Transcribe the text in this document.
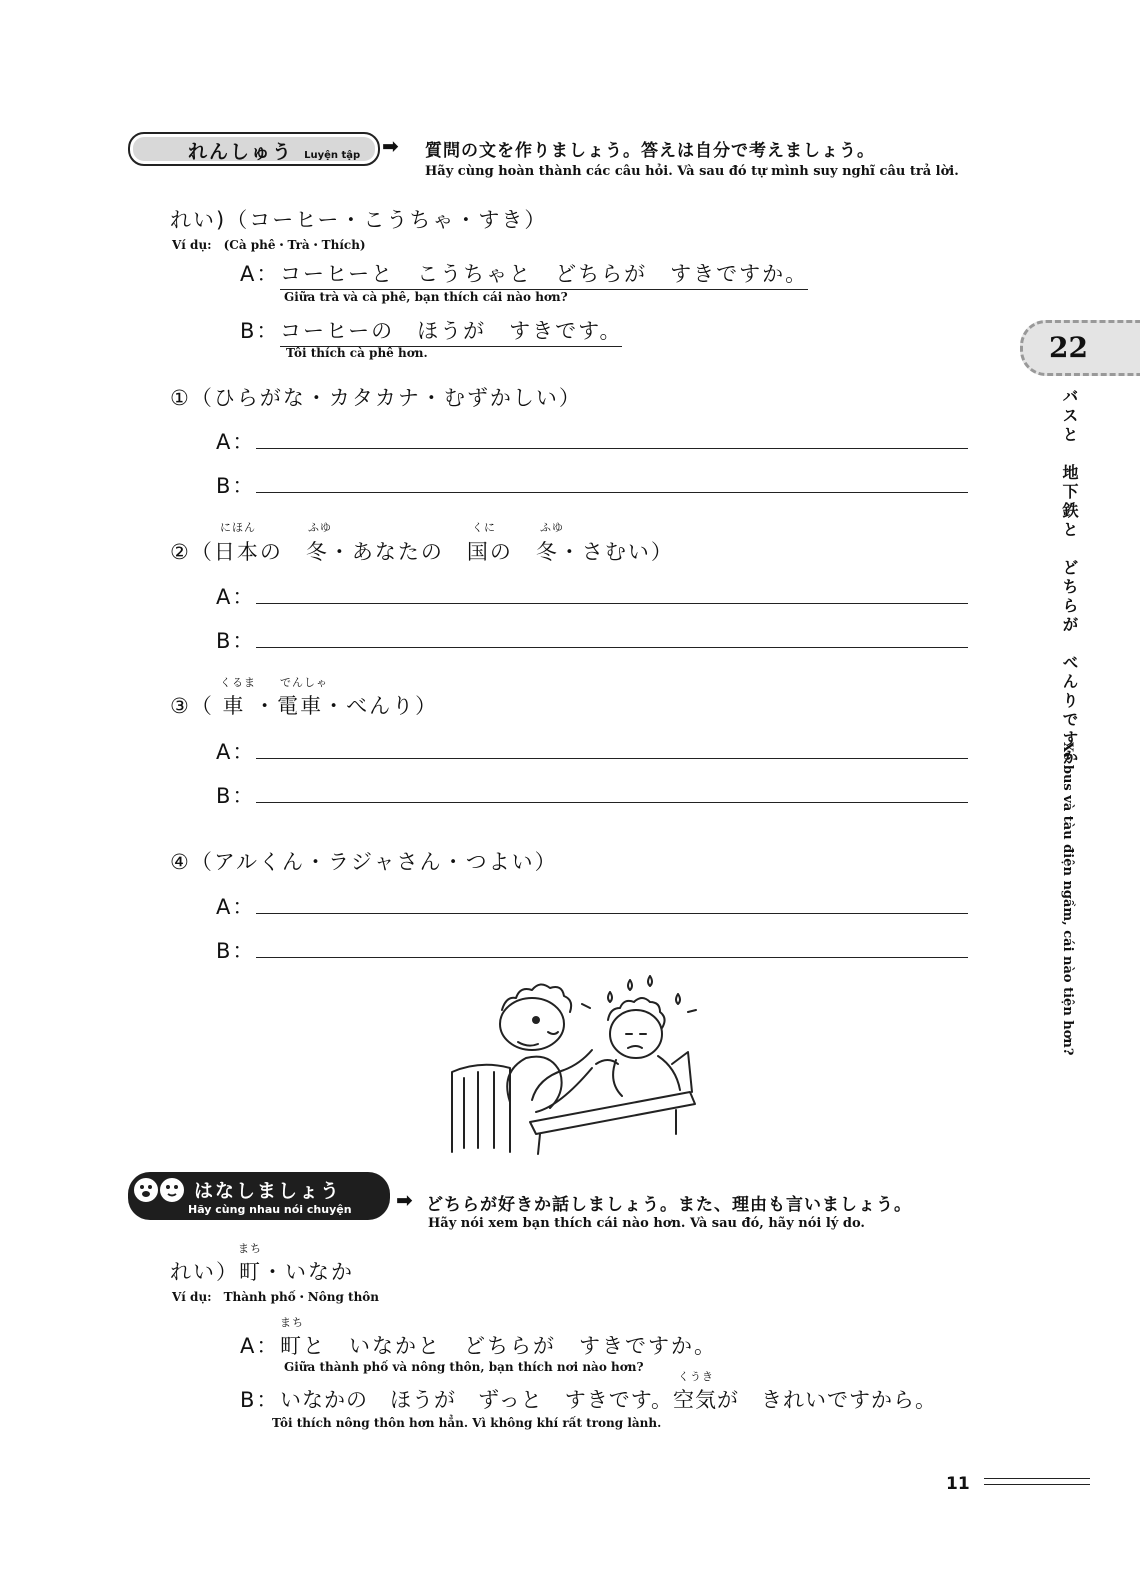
れんしゅう Luyện tập ➡ 質問の文を作りましょう。答えは自分で考えましょう。
Hãy cùng hoàn thành các câu hỏi. Và sau đó tự mình suy nghĩ câu trả lời.
れい)（コーヒー・こうちゃ・すき）
Ví dụ:　(Cà phê・Trà・Thích)
A： コーヒーと　こうちゃと　どちらが　すきですか。
Giữa trà và cà phê, bạn thích cái nào hơn?
B： コーヒーの　ほうが　すきです。
Tôi thích cà phê hơn.
①（ひらがな・カタカナ・むずかしい）
A：
B：
にほん	ふゆ	くに	ふゆ
②（日本の　冬・あなたの　国の　冬・さむい）
A：
B：
くるま でんしゃ
③（ 車 ・電車・べんり）
A：
B：
④（アルくん・ラジャさん・つよい）
A：
B：
はなしましょう
Hãy cùng nhau nói chuyện ➡ どちらが好きか話しましょう。また、理由も言いましょう。
Hãy nói xem bạn thích cái nào hơn. Và sau đó, hãy nói lý do.
まち
れい）町・いなか
Ví dụ:　Thành phố・Nông thôn
まち
A： 町と　いなかと　どちらが　すきですか。
Giữa thành phố và nông thôn, bạn thích nơi nào hơn?
くうき
B： いなかの　ほうが　ずっと　すきです。空気が　きれいですから。
Tôi thích nông thôn hơn hẳn. Vì không khí rất trong lành.
22
バスと　地下鉄と　どちらが　べんりですか
Xe bus và tàu điện ngầm, cái nào tiện hơn?
11
